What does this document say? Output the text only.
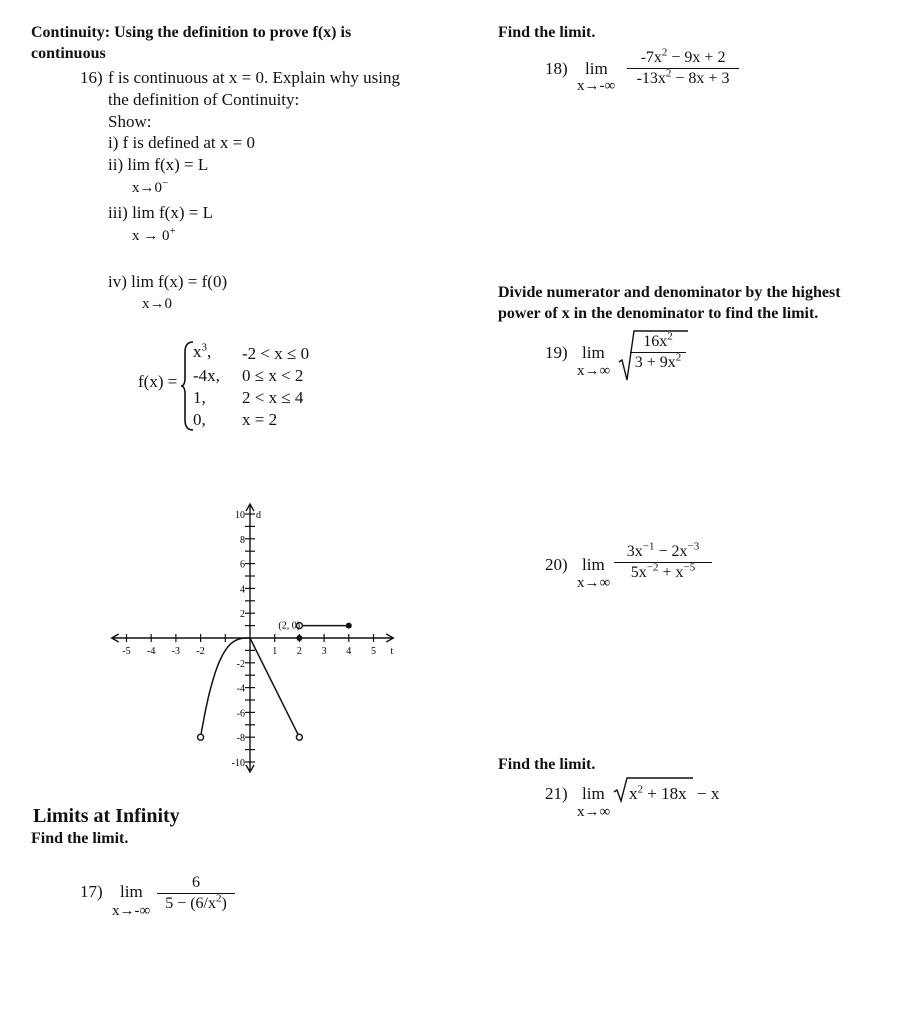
Continuity: Using the definition to prove f(x) is
continuous
16) f is continuous at x = 0. Explain why using
the definition of Continuity:
Show:
i) f is defined at x = 0
ii) lim f(x) = L
x→0−
iii) lim f(x) = L
x → 0+
iv) lim f(x) = f(0)
x→0
f(x) =
$x^3$, -2 < x ≤ 0
-4x, 0 ≤ x < 2
1, 2 < x ≤ 4
0, x = 2
-5 -4 -3 -2	1 2 3 4 5
10
8
6
4
2
-2
-4
-6
-8
-10
t
d
(2, 0)
Limits at Infinity
Find the limit.
17) lim
$x\to-\infty \frac{6}{5 - (6/x^2)}$
Find the limit.
18) lim
$x\to-\infty \frac{-7x^2 - 9x + 2}{-13x^2 - 8x + 3}$
Divide numerator and denominator by the highest
power of x in the denominator to find the limit.
19) lim
$x\to\infty \frac{16x^2}{3 + 9x^2}$
20) lim
x→∞
$\frac{3x^{-1} - 2x^{-3}}{5x^{-2} + x^{-5}}$
Find the limit.
21) lim
x→∞
$x^2 + 18x - x$
